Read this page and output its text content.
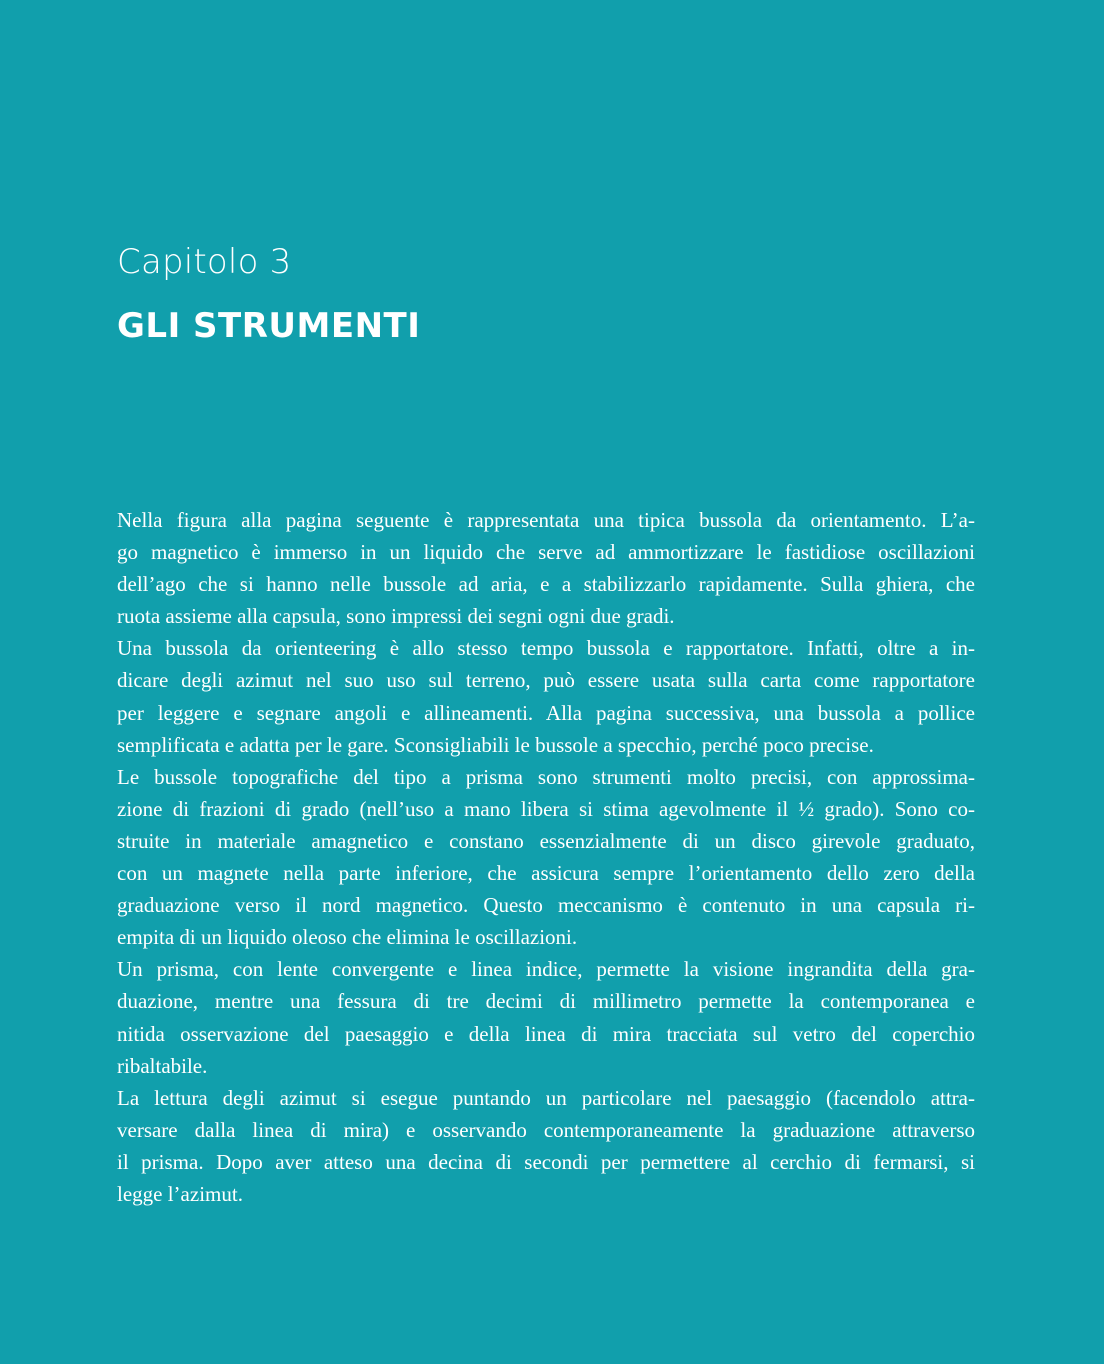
Capitolo 3
GLI STRUMENTI

Nella figura alla pagina seguente è rappresentata una tipica bussola da orientamento. L’a-
go magnetico è immerso in un liquido che serve ad ammortizzare le fastidiose oscillazioni
dell’ago che si hanno nelle bussole ad aria, e a stabilizzarlo rapidamente. Sulla ghiera, che
ruota assieme alla capsula, sono impressi dei segni ogni due gradi.

Una bussola da orienteering è allo stesso tempo bussola e rapportatore. Infatti, oltre a in-
dicare degli azimut nel suo uso sul terreno, può essere usata sulla carta come rapportatore
per leggere e segnare angoli e allineamenti. Alla pagina successiva, una bussola a pollice
semplificata e adatta per le gare. Sconsigliabili le bussole a specchio, perché poco precise.

Le bussole topografiche del tipo a prisma sono strumenti molto precisi, con approssima-
zione di frazioni di grado (nell’uso a mano libera si stima agevolmente il ½ grado). Sono co-
struite in materiale amagnetico e constano essenzialmente di un disco girevole graduato,
con un magnete nella parte inferiore, che assicura sempre l’orientamento dello zero della
graduazione verso il nord magnetico. Questo meccanismo è contenuto in una capsula ri-
empita di un liquido oleoso che elimina le oscillazioni.

Un prisma, con lente convergente e linea indice, permette la visione ingrandita della gra-
duazione, mentre una fessura di tre decimi di millimetro permette la contemporanea e
nitida osservazione del paesaggio e della linea di mira tracciata sul vetro del coperchio
ribaltabile.

La lettura degli azimut si esegue puntando un particolare nel paesaggio (facendolo attra-
versare dalla linea di mira) e osservando contemporaneamente la graduazione attraverso
il prisma. Dopo aver atteso una decina di secondi per permettere al cerchio di fermarsi, si
legge l’azimut.
